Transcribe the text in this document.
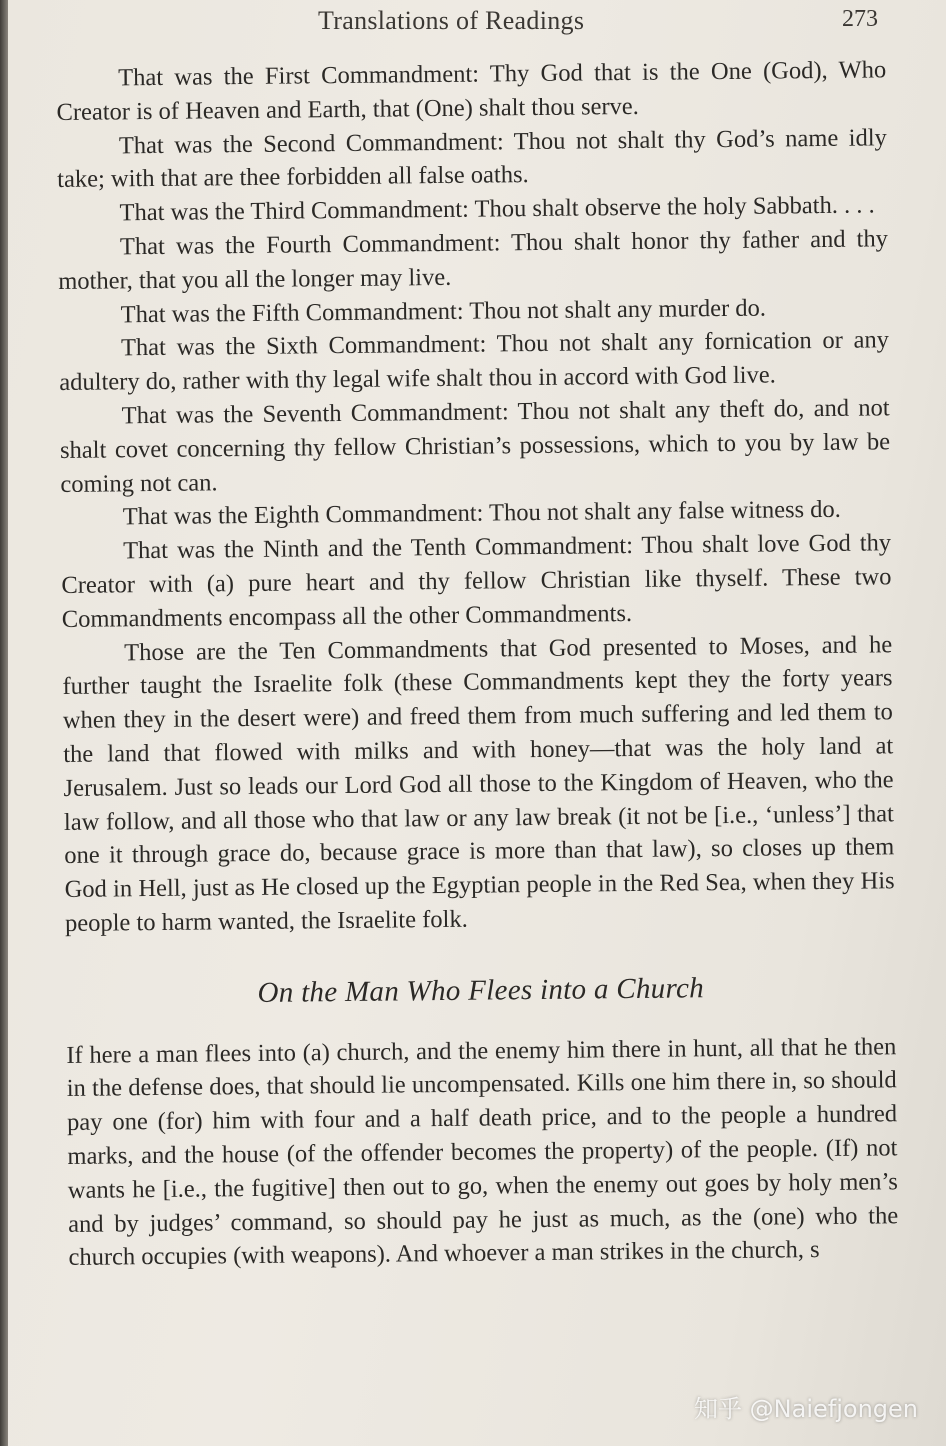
Translations of Readings	273

That was the First Commandment: Thy God that is the One (God), Who Creator is of Heaven and Earth, that (One) shalt thou serve.

That was the Second Commandment: Thou not shalt thy God’s name idly take; with that are thee forbidden all false oaths.

That was the Third Commandment: Thou shalt observe the holy Sabbath. . . .

That was the Fourth Commandment: Thou shalt honor thy father and thy mother, that you all the longer may live.

That was the Fifth Commandment: Thou not shalt any murder do.

That was the Sixth Commandment: Thou not shalt any fornication or any adultery do, rather with thy legal wife shalt thou in accord with God live.

That was the Seventh Commandment: Thou not shalt any theft do, and not shalt covet concerning thy fellow Christian’s possessions, which to you by law be coming not can.

That was the Eighth Commandment: Thou not shalt any false witness do.

That was the Ninth and the Tenth Commandment: Thou shalt love God thy Creator with (a) pure heart and thy fellow Christian like thyself. These two Commandments encompass all the other Commandments.

Those are the Ten Commandments that God presented to Moses, and he further taught the Israelite folk (these Commandments kept they the forty years when they in the desert were) and freed them from much suffering and led them to the land that flowed with milks and with honey—that was the holy land at Jerusalem. Just so leads our Lord God all those to the Kingdom of Heaven, who the law follow, and all those who that law or any law break (it not be [i.e., ‘unless’] that one it through grace do, because grace is more than that law), so closes up them God in Hell, just as He closed up the Egyptian people in the Red Sea, when they His people to harm wanted, the Israelite folk.

On the Man Who Flees into a Church

If here a man flees into (a) church, and the enemy him there in hunt, all that he then in the defense does, that should lie uncompensated. Kills one him there in, so should pay one (for) him with four and a half death price, and to the people a hundred marks, and the house (of the offender becomes the property) of the people. (If) not wants he [i.e., the fugitive] then out to go, when the enemy out goes by holy men’s and by judges’ command, so should pay he just as much, as the (one) who the church occupies (with weapons). And whoever a man strikes in the church, s

知乎 @Naiefjongen
